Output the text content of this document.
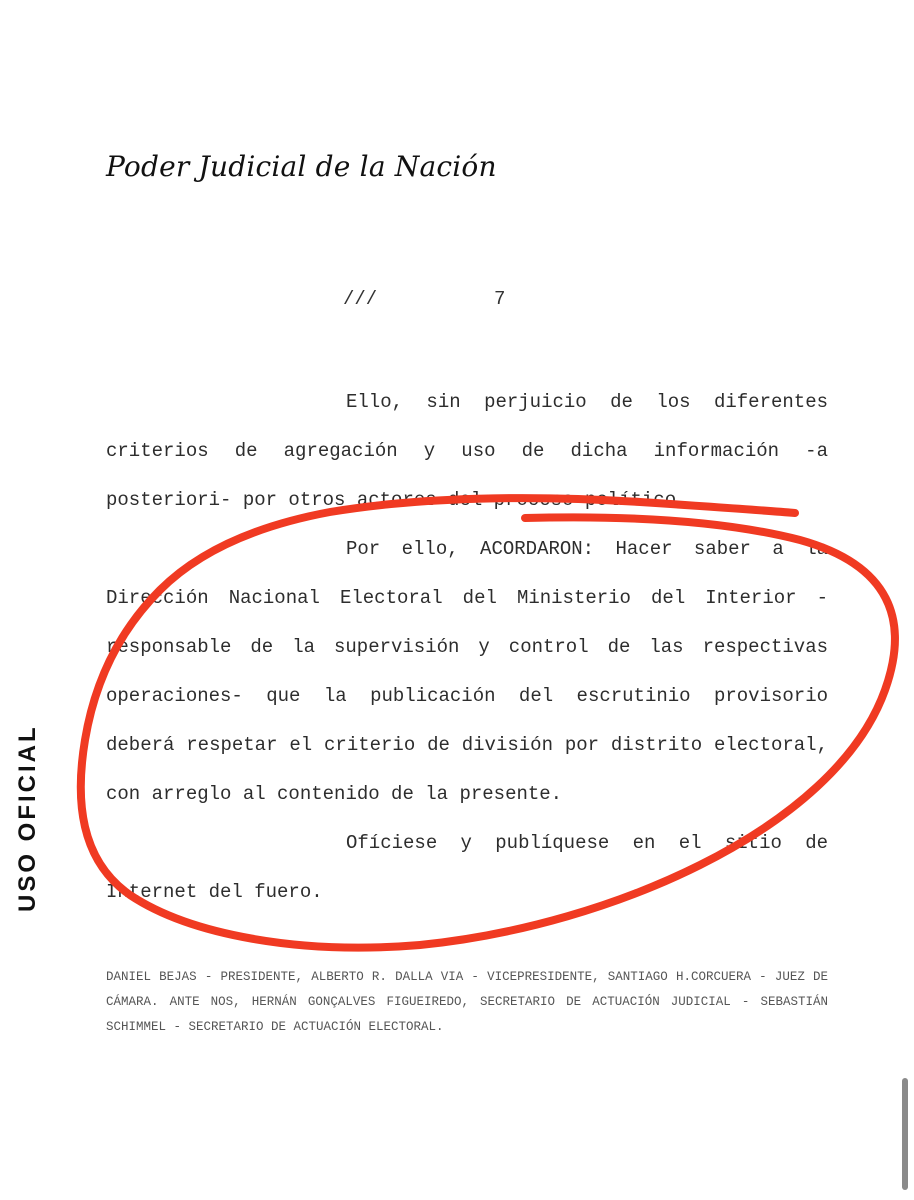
Poder Judicial de la Nación
///	7

Ello, sin perjuicio de los diferentes criterios de agregación y uso de dicha información -a posteriori- por otros actores del proceso político.

Por ello, ACORDARON: Hacer saber a la Dirección Nacional Electoral del Ministerio del Interior -responsable de la supervisión y control de las respectivas operaciones- que la publicación del escrutinio provisorio deberá respetar el criterio de división por distrito electoral, con arreglo al contenido de la presente.

Ofíciese y publíquese en el sitio de Internet del fuero.

DANIEL BEJAS - PRESIDENTE, ALBERTO R. DALLA VIA - VICEPRESIDENTE, SANTIAGO H.CORCUERA - JUEZ DE CÁMARA. ANTE NOS, HERNÁN GONÇALVES FIGUEIREDO, SECRETARIO DE ACTUACIÓN JUDICIAL - SEBASTIÁN SCHIMMEL - SECRETARIO DE ACTUACIÓN ELECTORAL.
USO OFICIAL
